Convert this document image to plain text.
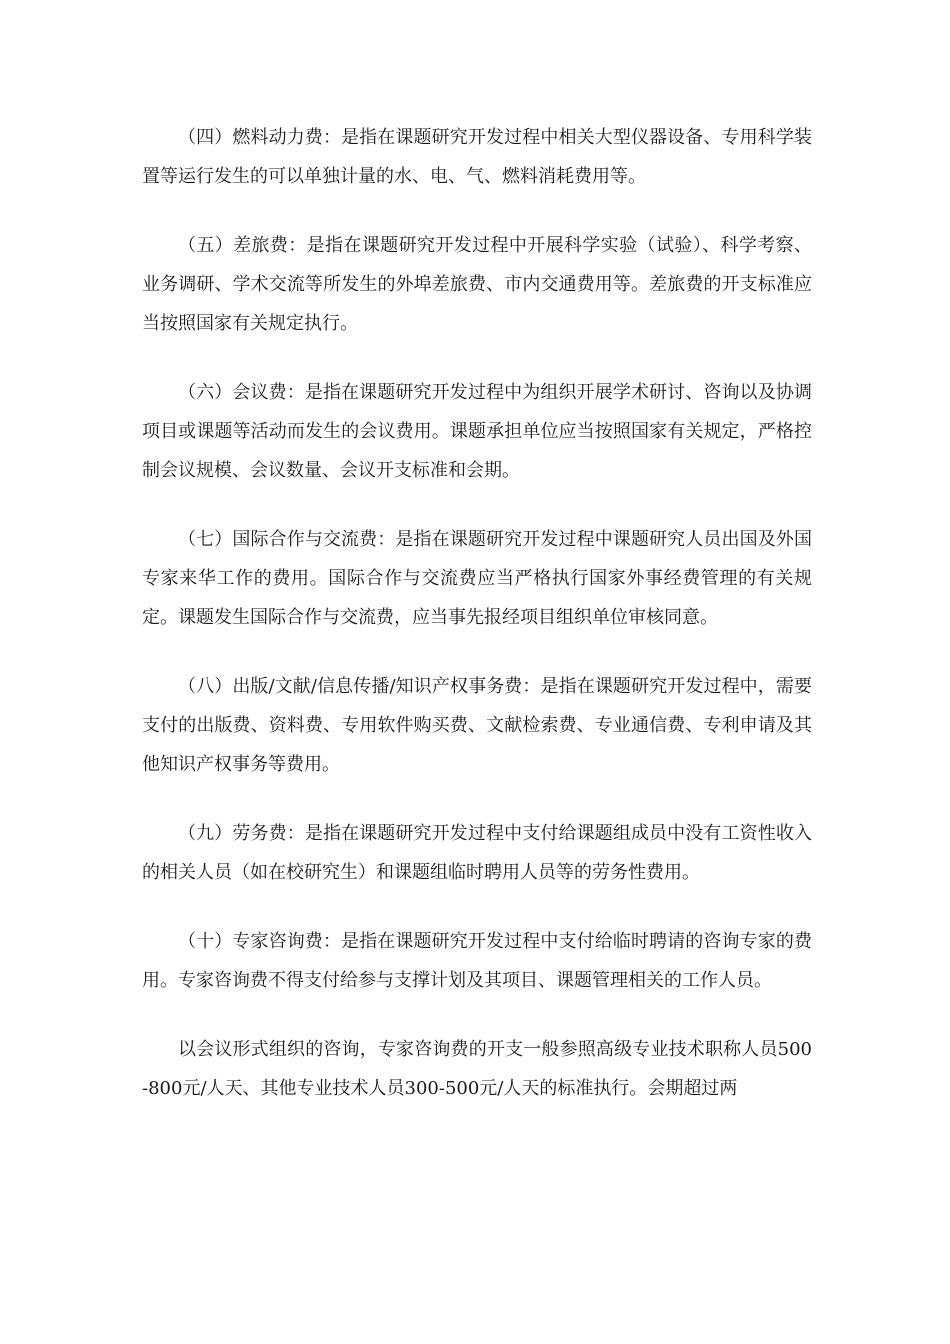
（四）燃料动力费：是指在课题研究开发过程中相关大型仪器设备、专用科学装置等运行发生的可以单独计量的水、电、气、燃料消耗费用等。

（五）差旅费：是指在课题研究开发过程中开展科学实验（试验）、科学考察、业务调研、学术交流等所发生的外埠差旅费、市内交通费用等。差旅费的开支标准应当按照国家有关规定执行。

（六）会议费：是指在课题研究开发过程中为组织开展学术研讨、咨询以及协调项目或课题等活动而发生的会议费用。课题承担单位应当按照国家有关规定，严格控制会议规模、会议数量、会议开支标准和会期。

（七）国际合作与交流费：是指在课题研究开发过程中课题研究人员出国及外国专家来华工作的费用。国际合作与交流费应当严格执行国家外事经费管理的有关规定。课题发生国际合作与交流费，应当事先报经项目组织单位审核同意。

（八）出版/文献/信息传播/知识产权事务费：是指在课题研究开发过程中，需要支付的出版费、资料费、专用软件购买费、文献检索费、专业通信费、专利申请及其他知识产权事务等费用。

（九）劳务费：是指在课题研究开发过程中支付给课题组成员中没有工资性收入的相关人员（如在校研究生）和课题组临时聘用人员等的劳务性费用。

（十）专家咨询费：是指在课题研究开发过程中支付给临时聘请的咨询专家的费用。专家咨询费不得支付给参与支撑计划及其项目、课题管理相关的工作人员。

以会议形式组织的咨询，专家咨询费的开支一般参照高级专业技术职称人员500-800元/人天、其他专业技术人员300-500元/人天的标准执行。会期超过两
